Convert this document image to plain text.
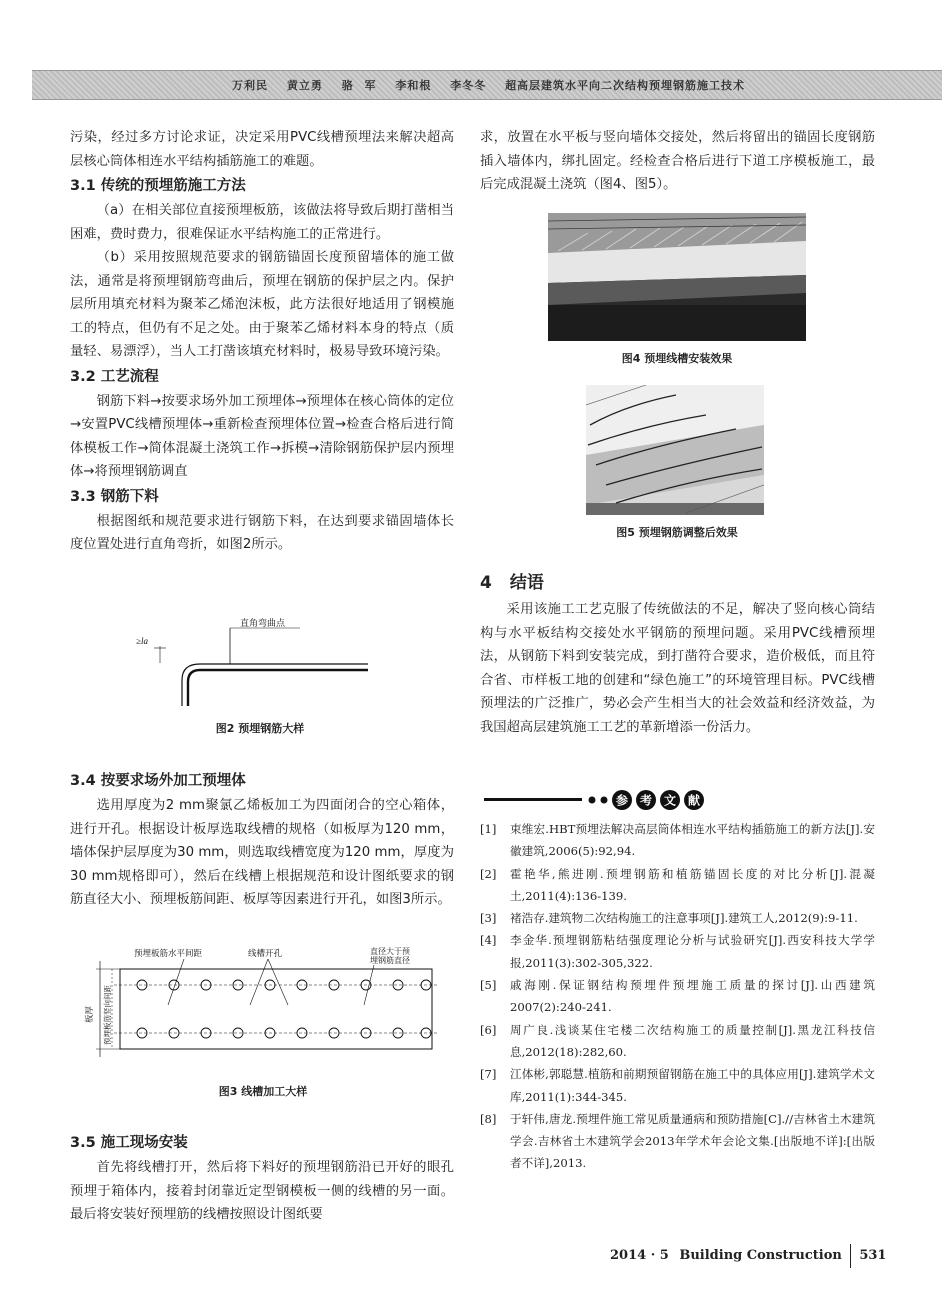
万利民 黄立勇 骆 军 李和根 李冬冬 超高层建筑水平向二次结构预埋钢筋施工技术

污染，经过多方讨论求证，决定采用PVC线槽预埋法来解决超高层核心筒体相连水平结构插筋施工的难题。

3.1 传统的预埋筋施工方法

（a）在相关部位直接预埋板筋，该做法将导致后期打凿相当困难，费时费力，很难保证水平结构施工的正常进行。

（b）采用按照规范要求的钢筋锚固长度预留墙体的施工做法，通常是将预埋钢筋弯曲后，预埋在钢筋的保护层之内。保护层所用填充材料为聚苯乙烯泡沫板，此方法很好地适用了钢模施工的特点，但仍有不足之处。由于聚苯乙烯材料本身的特点（质量轻、易漂浮），当人工打凿该填充材料时，极易导致环境污染。

3.2 工艺流程

钢筋下料→按要求场外加工预埋体→预埋体在核心筒体的定位→安置PVC线槽预埋体→重新检查预埋体位置→检查合格后进行简体模板工作→简体混凝土浇筑工作→拆模→清除钢筋保护层内预埋体→将预埋钢筋调直

3.3 钢筋下料

根据图纸和规范要求进行钢筋下料，在达到要求锚固墙体长度位置处进行直角弯折，如图2所示。

直角弯曲点
≥la
图2 预埋钢筋大样
3.4 按要求场外加工预埋体

选用厚度为2 mm聚氯乙烯板加工为四面闭合的空心箱体，进行开孔。根据设计板厚选取线槽的规格（如板厚为120 mm，墙体保护层厚度为30 mm，则选取线槽宽度为120 mm，厚度为30 mm规格即可），然后在线槽上根据规范和设计图纸要求的钢筋直径大小、预埋板筋间距、板厚等因素进行开孔，如图3所示。

预埋板筋水平间距	线槽开孔	直径大于预
埋钢筋直径
板厚 预埋板筋竖向间距
图3 线槽加工大样
3.5 施工现场安装

首先将线槽打开，然后将下料好的预埋钢筋沿已开好的眼孔预埋于箱体内，接着封闭靠近定型钢模板一侧的线槽的另一面。最后将安装好预埋筋的线槽按照设计图纸要

求，放置在水平板与竖向墙体交接处，然后将留出的锚固长度钢筋插入墙体内，绑扎固定。经检查合格后进行下道工序模板施工，最后完成混凝土浇筑（图4、图5）。

图4 预埋线槽安装效果
图5 预埋钢筋调整后效果
4 结语

采用该施工工艺克服了传统做法的不足，解决了竖向核心筒结构与水平板结构交接处水平钢筋的预埋问题。采用PVC线槽预埋法，从钢筋下料到安装完成，到打凿符合要求，造价极低，而且符合省、市样板工地的创建和“绿色施工”的环境管理目标。PVC线槽预埋法的广泛推广，势必会产生相当大的社会效益和经济效益，为我国超高层建筑施工工艺的革新增添一份活力。

参 考 文 献
[1]	束维宏.HBT预埋法解决高层筒体相连水平结构插筋施工的新方法[J].安徽建筑,2006(5):92,94.
[2]	霍艳华,熊进刚.预埋钢筋和植筋锚固长度的对比分析[J].混凝土,2011(4):136-139.
[3]	褚浩存.建筑物二次结构施工的注意事项[J].建筑工人,2012(9):9-11.
[4]	李金华.预埋钢筋粘结强度理论分析与试验研究[J].西安科技大学学报,2011(3):302-305,322.
[5]	戚海刚.保证钢结构预埋件预埋施工质量的探讨[J].山西建筑2007(2):240-241.
[6]	周广良.浅谈某住宅楼二次结构施工的质量控制[J].黑龙江科技信息,2012(18):282,60.
[7]	江体彬,郭聪慧.植筋和前期预留钢筋在施工中的具体应用[J].建筑学术文库,2011(1):344-345.
[8]	于轩伟,唐龙.预埋件施工常见质量通病和预防措施[C].//吉林省土木建筑学会.吉林省土木建筑学会2013年学术年会论文集.[出版地不详]:[出版者不详],2013.
2014 · 5 Building Construction 531
